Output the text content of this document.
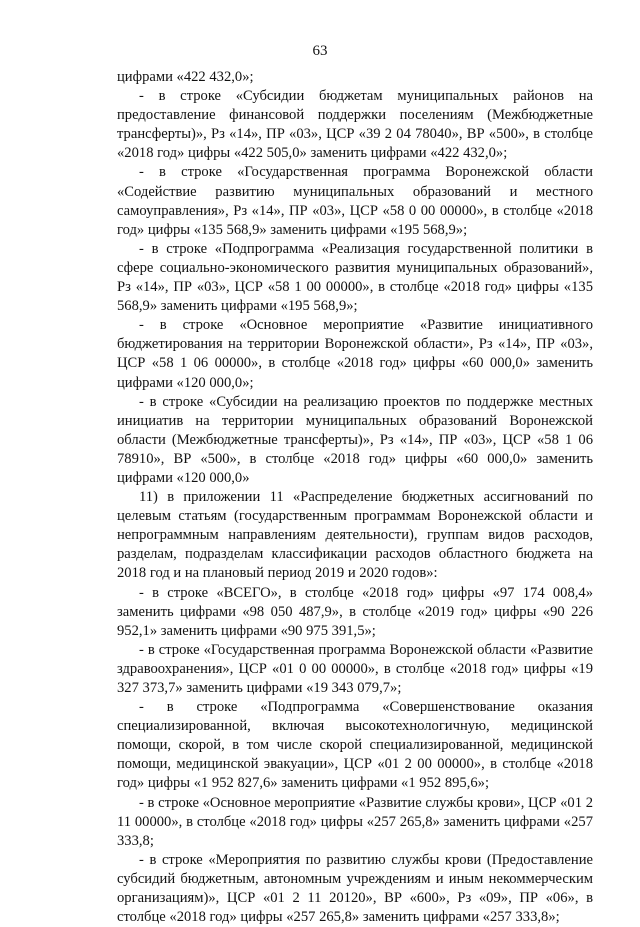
63

цифрами «422 432,0»;

- в строке «Субсидии бюджетам муниципальных районов на предоставление финансовой поддержки поселениям (Межбюджетные трансферты)», Рз «14», ПР «03», ЦСР «39 2 04 78040», ВР «500», в столбце «2018 год» цифры «422 505,0» заменить цифрами «422 432,0»;

- в строке «Государственная программа Воронежской области «Содействие развитию муниципальных образований и местного самоуправления», Рз «14», ПР «03», ЦСР «58 0 00 00000», в столбце «2018 год» цифры «135 568,9» заменить цифрами «195 568,9»;

- в строке «Подпрограмма «Реализация государственной политики в сфере социально-экономического развития муниципальных образований», Рз «14», ПР «03», ЦСР «58 1 00 00000», в столбце «2018 год» цифры «135 568,9» заменить цифрами «195 568,9»;

- в строке «Основное мероприятие «Развитие инициативного бюджетирования на территории Воронежской области», Рз «14», ПР «03», ЦСР «58 1 06 00000», в столбце «2018 год» цифры «60 000,0» заменить цифрами «120 000,0»;

- в строке «Субсидии на реализацию проектов по поддержке местных инициатив на территории муниципальных образований Воронежской области (Межбюджетные трансферты)», Рз «14», ПР «03», ЦСР «58 1 06 78910», ВР «500», в столбце «2018 год» цифры «60 000,0» заменить цифрами «120 000,0»

11) в приложении 11 «Распределение бюджетных ассигнований по целевым статьям (государственным программам Воронежской области и непрограммным направлениям деятельности), группам видов расходов, разделам, подразделам классификации расходов областного бюджета на 2018 год и на плановый период 2019 и 2020 годов»:

- в строке «ВСЕГО», в столбце «2018 год» цифры «97 174 008,4» заменить цифрами «98 050 487,9», в столбце «2019 год» цифры «90 226 952,1» заменить цифрами «90 975 391,5»;

- в строке «Государственная программа Воронежской области «Развитие здравоохранения», ЦСР «01 0 00 00000», в столбце «2018 год» цифры «19 327 373,7» заменить цифрами «19 343 079,7»;

- в строке «Подпрограмма «Совершенствование оказания специализированной, включая высокотехнологичную, медицинской помощи, скорой, в том числе скорой специализированной, медицинской помощи, медицинской эвакуации», ЦСР «01 2 00 00000», в столбце «2018 год» цифры «1 952 827,6» заменить цифрами «1 952 895,6»;

- в строке «Основное мероприятие «Развитие службы крови», ЦСР «01 2 11 00000», в столбце «2018 год» цифры «257 265,8» заменить цифрами «257 333,8;

- в строке «Мероприятия по развитию службы крови (Предоставление субсидий бюджетным, автономным учреждениям и иным некоммерческим организациям)», ЦСР «01 2 11 20120», ВР «600», Рз «09», ПР «06», в столбце «2018 год» цифры «257 265,8» заменить цифрами «257 333,8»;
